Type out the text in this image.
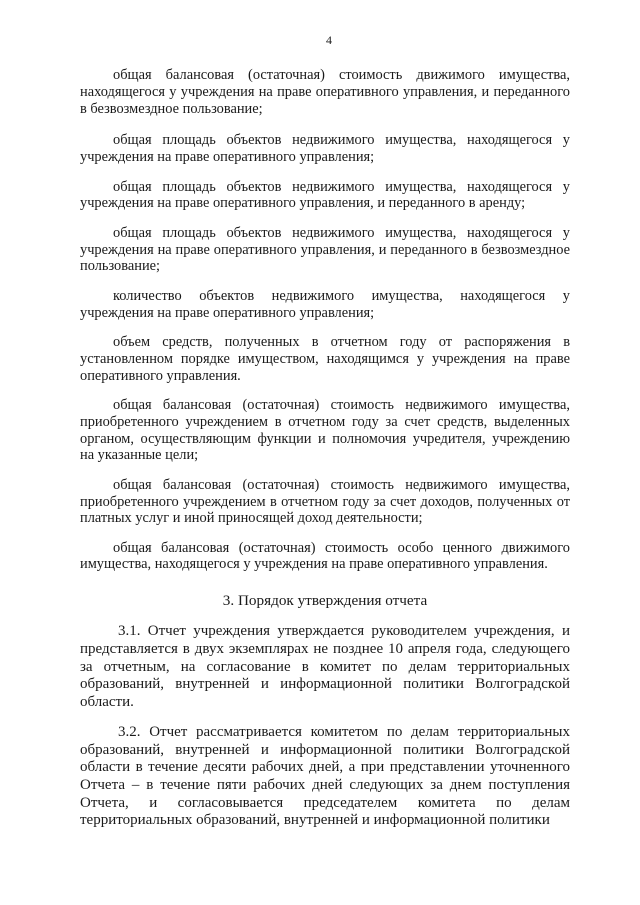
4

общая балансовая (остаточная) стоимость движимого имущества, находящегося у учреждения на праве оперативного управления, и переданного в безвозмездное пользование;

общая площадь объектов недвижимого имущества, находящегося у учреждения на праве оперативного управления;

общая площадь объектов недвижимого имущества, находящегося у учреждения на праве оперативного управления, и переданного в аренду;

общая площадь объектов недвижимого имущества, находящегося у учреждения на праве оперативного управления, и переданного в безвозмездное пользование;

количество объектов недвижимого имущества, находящегося у учреждения на праве оперативного управления;

объем средств, полученных в отчетном году от распоряжения в установленном порядке имуществом, находящимся у учреждения на праве оперативного управления.

общая балансовая (остаточная) стоимость недвижимого имущества, приобретенного учреждением в отчетном году за счет средств, выделенных органом, осуществляющим функции и полномочия учредителя, учреждению на указанные цели;

общая балансовая (остаточная) стоимость недвижимого имущества, приобретенного учреждением в отчетном году за счет доходов, полученных от платных услуг и иной приносящей доход деятельности;

общая балансовая (остаточная) стоимость особо ценного движимого имущества, находящегося у учреждения на праве оперативного управления.

3. Порядок утверждения отчета

3.1. Отчет учреждения утверждается руководителем учреждения, и представляется в двух экземплярах не позднее 10 апреля года, следующего за отчетным, на согласование в комитет по делам территориальных образований, внутренней и информационной политики Волгоградской области.

3.2. Отчет рассматривается комитетом по делам территориальных образований, внутренней и информационной политики Волгоградской области в течение десяти рабочих дней, а при представлении уточненного Отчета – в течение пяти рабочих дней следующих за днем поступления Отчета, и согласовывается председателем комитета по делам территориальных образований, внутренней и информационной политики
